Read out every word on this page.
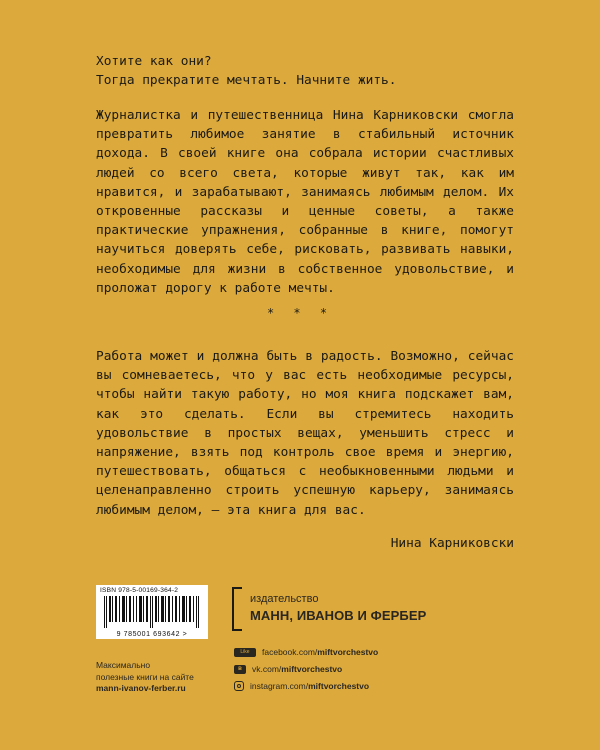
Хотите как они?
Тогда прекратите мечтать. Начните жить.
Журналистка и путешественница Нина Карниковски смогла превратить любимое занятие в стабильный источник дохода. В своей книге она собрала истории счастливых людей со всего света, которые живут так, как им нравится, и зарабатывают, занимаясь любимым делом. Их откровенные рассказы и ценные советы, а также практические упражнения, собранные в книге, помогут научиться доверять себе, рисковать, развивать навыки, необходимые для жизни в собственное удовольствие, и проложат дорогу к работе мечты.
* * *
Работа может и должна быть в радость. Возможно, сейчас вы сомневаетесь, что у вас есть необходимые ресурсы, чтобы найти такую работу, но моя книга подскажет вам, как это сделать. Если вы стремитесь находить удовольствие в простых вещах, уменьшить стресс и напряжение, взять под контроль свое время и энергию, путешествовать, общаться с необыкновенными людьми и целенаправленно строить успешную карьеру, занимаясь любимым делом, — эта книга для вас.
Нина Карниковски
ISBN 978-5-00169-364-2
9 785001 693642 >
Максимально
полезные книги на сайте
mann-ivanov-ferber.ru
издательство
МАНН, ИВАНОВ И ФЕРБЕР
Like	facebook.com/ miftvorchestvo
в	vk.com/ miftvorchestvo
instagram.com/ miftvorchestvo
